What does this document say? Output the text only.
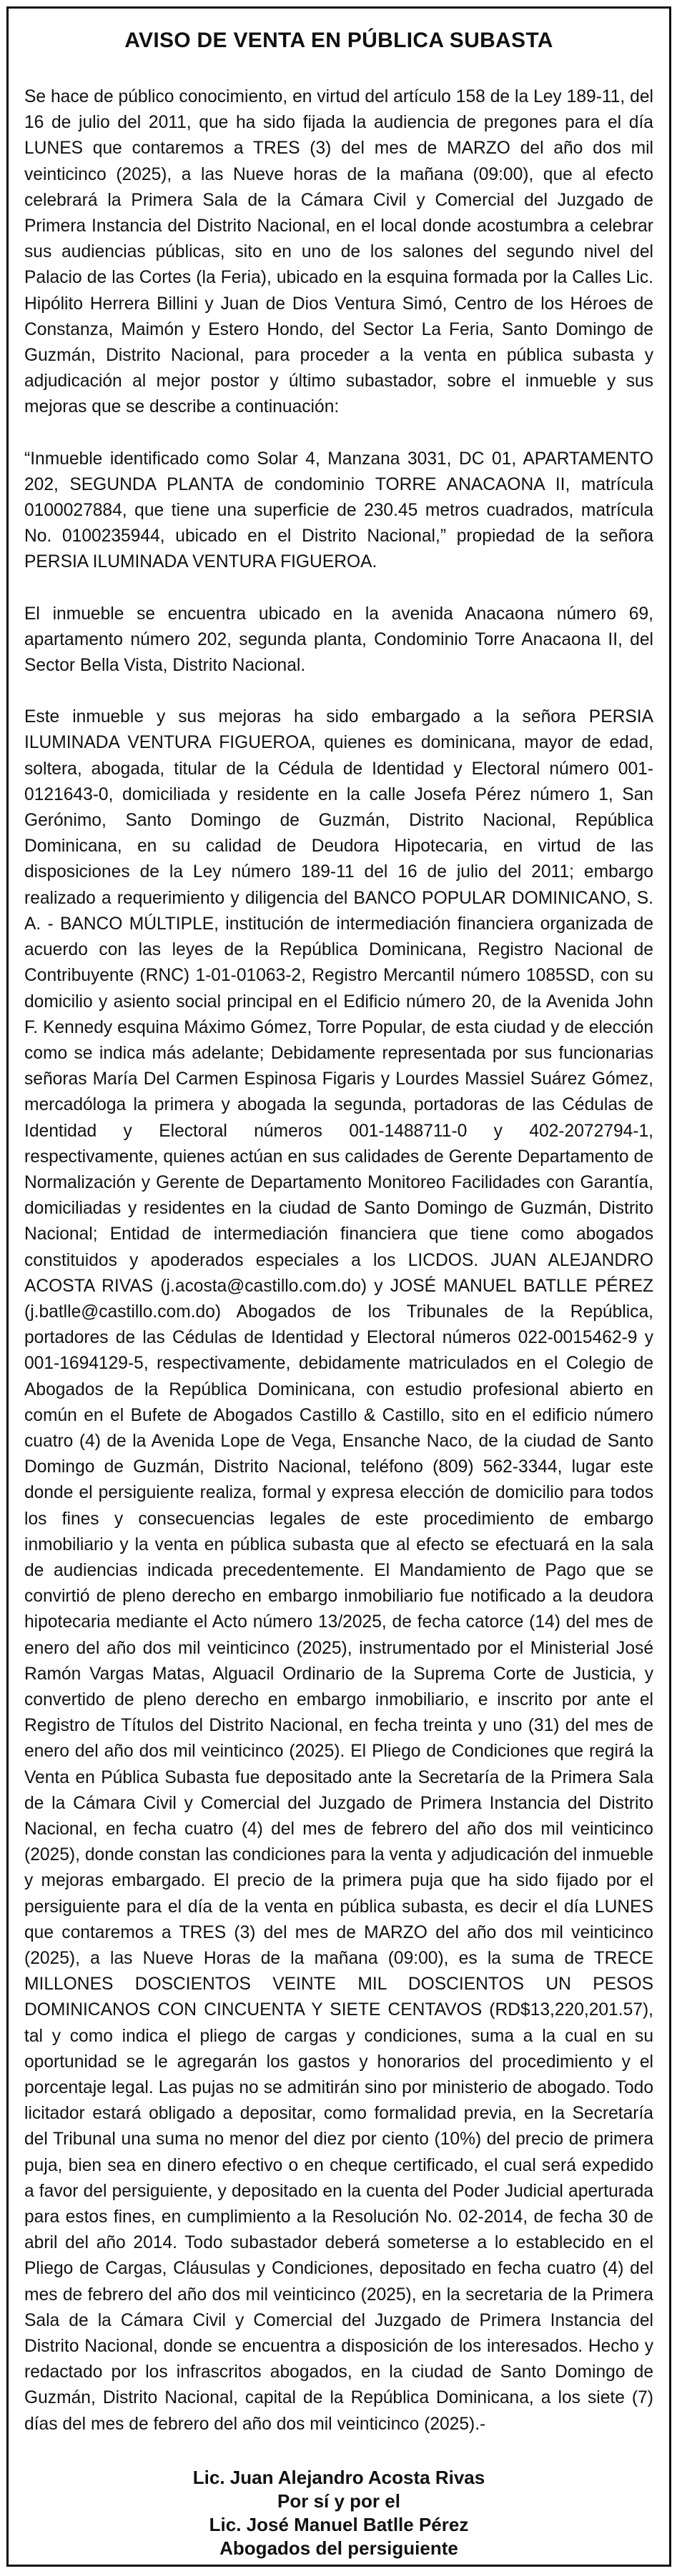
AVISO DE VENTA EN PÚBLICA SUBASTA

Se hace de público conocimiento, en virtud del artículo 158 de la Ley 189-11, del 16 de julio del 2011, que ha sido fijada la audiencia de pregones para el día LUNES que contaremos a TRES (3) del mes de MARZO del año dos mil veinticinco (2025), a las Nueve horas de la mañana (09:00), que al efecto celebrará la Primera Sala de la Cámara Civil y Comercial del Juzgado de Primera Instancia del Distrito Nacional, en el local donde acostumbra a celebrar sus audiencias públicas, sito en uno de los salones del segundo nivel del Palacio de las Cortes (la Feria), ubicado en la esquina formada por la Calles Lic. Hipólito Herrera Billini y Juan de Dios Ventura Simó, Centro de los Héroes de Constanza, Maimón y Estero Hondo, del Sector La Feria, Santo Domingo de Guzmán, Distrito Nacional, para proceder a la venta en pública subasta y adjudicación al mejor postor y último subastador, sobre el inmueble y sus mejoras que se describe a continuación:

“Inmueble identificado como Solar 4, Manzana 3031, DC 01, APARTAMENTO 202, SEGUNDA PLANTA de condominio TORRE ANACAONA II, matrícula 0100027884, que tiene una superficie de 230.45 metros cuadrados, matrícula No. 0100235944, ubicado en el Distrito Nacional,” propiedad de la señora PERSIA ILUMINADA VENTURA FIGUEROA.

El inmueble se encuentra ubicado en la avenida Anacaona número 69, apartamento número 202, segunda planta, Condominio Torre Anacaona II, del Sector Bella Vista, Distrito Nacional.

Este inmueble y sus mejoras ha sido embargado a la señora PERSIA ILUMINADA VENTURA FIGUEROA, quienes es dominicana, mayor de edad, soltera, abogada, titular de la Cédula de Identidad y Electoral número 001-0121643-0, domiciliada y residente en la calle Josefa Pérez número 1, San Gerónimo, Santo Domingo de Guzmán, Distrito Nacional, República Dominicana, en su calidad de Deudora Hipotecaria, en virtud de las disposiciones de la Ley número 189-11 del 16 de julio del 2011; embargo realizado a requerimiento y diligencia del BANCO POPULAR DOMINICANO, S. A. - BANCO MÚLTIPLE, institución de intermediación financiera organizada de acuerdo con las leyes de la República Dominicana, Registro Nacional de Contribuyente (RNC) 1-01-01063-2, Registro Mercantil número 1085SD, con su domicilio y asiento social principal en el Edificio número 20, de la Avenida John F. Kennedy esquina Máximo Gómez, Torre Popular, de esta ciudad y de elección como se indica más adelante; Debidamente representada por sus funcionarias señoras María Del Carmen Espinosa Figaris y Lourdes Massiel Suárez Gómez, mercadóloga la primera y abogada la segunda, portadoras de las Cédulas de Identidad y Electoral números 001-1488711-0 y 402-2072794-1, respectivamente, quienes actúan en sus calidades de Gerente Departamento de Normalización y Gerente de Departamento Monitoreo Facilidades con Garantía, domiciliadas y residentes en la ciudad de Santo Domingo de Guzmán, Distrito Nacional; Entidad de intermediación financiera que tiene como abogados constituidos y apoderados especiales a los LICDOS. JUAN ALEJANDRO ACOSTA RIVAS (j.acosta@castillo.com.do) y JOSÉ MANUEL BATLLE PÉREZ (j.batlle@castillo.com.do) Abogados de los Tribunales de la República, portadores de las Cédulas de Identidad y Electoral números 022-0015462-9 y 001-1694129-5, respectivamente, debidamente matriculados en el Colegio de Abogados de la República Dominicana, con estudio profesional abierto en común en el Bufete de Abogados Castillo & Castillo, sito en el edificio número cuatro (4) de la Avenida Lope de Vega, Ensanche Naco, de la ciudad de Santo Domingo de Guzmán, Distrito Nacional, teléfono (809) 562-3344, lugar este donde el persiguiente realiza, formal y expresa elección de domicilio para todos los fines y consecuencias legales de este procedimiento de embargo inmobiliario y la venta en pública subasta que al efecto se efectuará en la sala de audiencias indicada precedentemente. El Mandamiento de Pago que se convirtió de pleno derecho en embargo inmobiliario fue notificado a la deudora hipotecaria mediante el Acto número 13/2025, de fecha catorce (14) del mes de enero del año dos mil veinticinco (2025), instrumentado por el Ministerial José Ramón Vargas Matas, Alguacil Ordinario de la Suprema Corte de Justicia, y convertido de pleno derecho en embargo inmobiliario, e inscrito por ante el Registro de Títulos del Distrito Nacional, en fecha treinta y uno (31) del mes de enero del año dos mil veinticinco (2025). El Pliego de Condiciones que regirá la Venta en Pública Subasta fue depositado ante la Secretaría de la Primera Sala de la Cámara Civil y Comercial del Juzgado de Primera Instancia del Distrito Nacional, en fecha cuatro (4) del mes de febrero del año dos mil veinticinco (2025), donde constan las condiciones para la venta y adjudicación del inmueble y mejoras embargado. El precio de la primera puja que ha sido fijado por el persiguiente para el día de la venta en pública subasta, es decir el día LUNES que contaremos a TRES (3) del mes de MARZO del año dos mil veinticinco (2025), a las Nueve Horas de la mañana (09:00), es la suma de TRECE MILLONES DOSCIENTOS VEINTE MIL DOSCIENTOS UN PESOS DOMINICANOS CON CINCUENTA Y SIETE CENTAVOS (RD$13,220,201.57), tal y como indica el pliego de cargas y condiciones, suma a la cual en su oportunidad se le agregarán los gastos y honorarios del procedimiento y el porcentaje legal. Las pujas no se admitirán sino por ministerio de abogado. Todo licitador estará obligado a depositar, como formalidad previa, en la Secretaría del Tribunal una suma no menor del diez por ciento (10%) del precio de primera puja, bien sea en dinero efectivo o en cheque certificado, el cual será expedido a favor del persiguiente, y depositado en la cuenta del Poder Judicial aperturada para estos fines, en cumplimiento a la Resolución No. 02-2014, de fecha 30 de abril del año 2014. Todo subastador deberá someterse a lo establecido en el Pliego de Cargas, Cláusulas y Condiciones, depositado en fecha cuatro (4) del mes de febrero del año dos mil veinticinco (2025), en la secretaria de la Primera Sala de la Cámara Civil y Comercial del Juzgado de Primera Instancia del Distrito Nacional, donde se encuentra a disposición de los interesados. Hecho y redactado por los infrascritos abogados, en la ciudad de Santo Domingo de Guzmán, Distrito Nacional, capital de la República Dominicana, a los siete (7) días del mes de febrero del año dos mil veinticinco (2025).-

Lic. Juan Alejandro Acosta Rivas
Por sí y por el
Lic. José Manuel Batlle Pérez
Abogados del persiguiente
